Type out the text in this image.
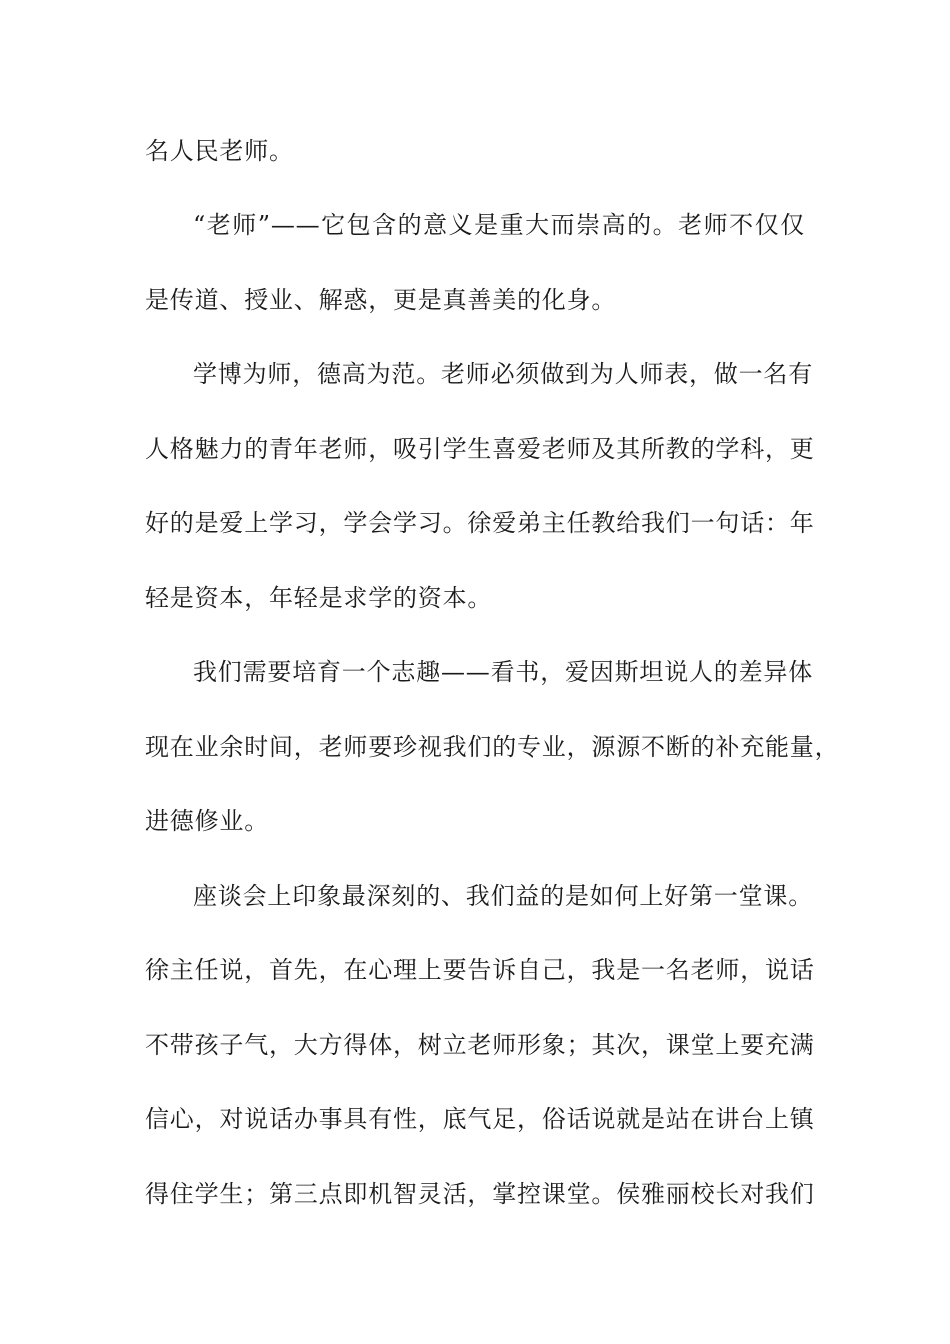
名人民老师。
“老师”——它包含的意义是重大而崇高的。老师不仅仅
是传道、授业、解惑，更是真善美的化身。
学博为师，德高为范。老师必须做到为人师表，做一名有
人格魅力的青年老师，吸引学生喜爱老师及其所教的学科，更
好的是爱上学习，学会学习。徐爱弟主任教给我们一句话：年
轻是资本，年轻是求学的资本。
我们需要培育一个志趣——看书，爱因斯坦说人的差异体
现在业余时间，老师要珍视我们的专业，源源不断的补充能量，
进德修业。
座谈会上印象最深刻的、我们益的是如何上好第一堂课。
徐主任说，首先，在心理上要告诉自己，我是一名老师，说话
不带孩子气，大方得体，树立老师形象；其次，课堂上要充满
信心，对说话办事具有性，底气足，俗话说就是站在讲台上镇
得住学生；第三点即机智灵活，掌控课堂。侯雅丽校长对我们
